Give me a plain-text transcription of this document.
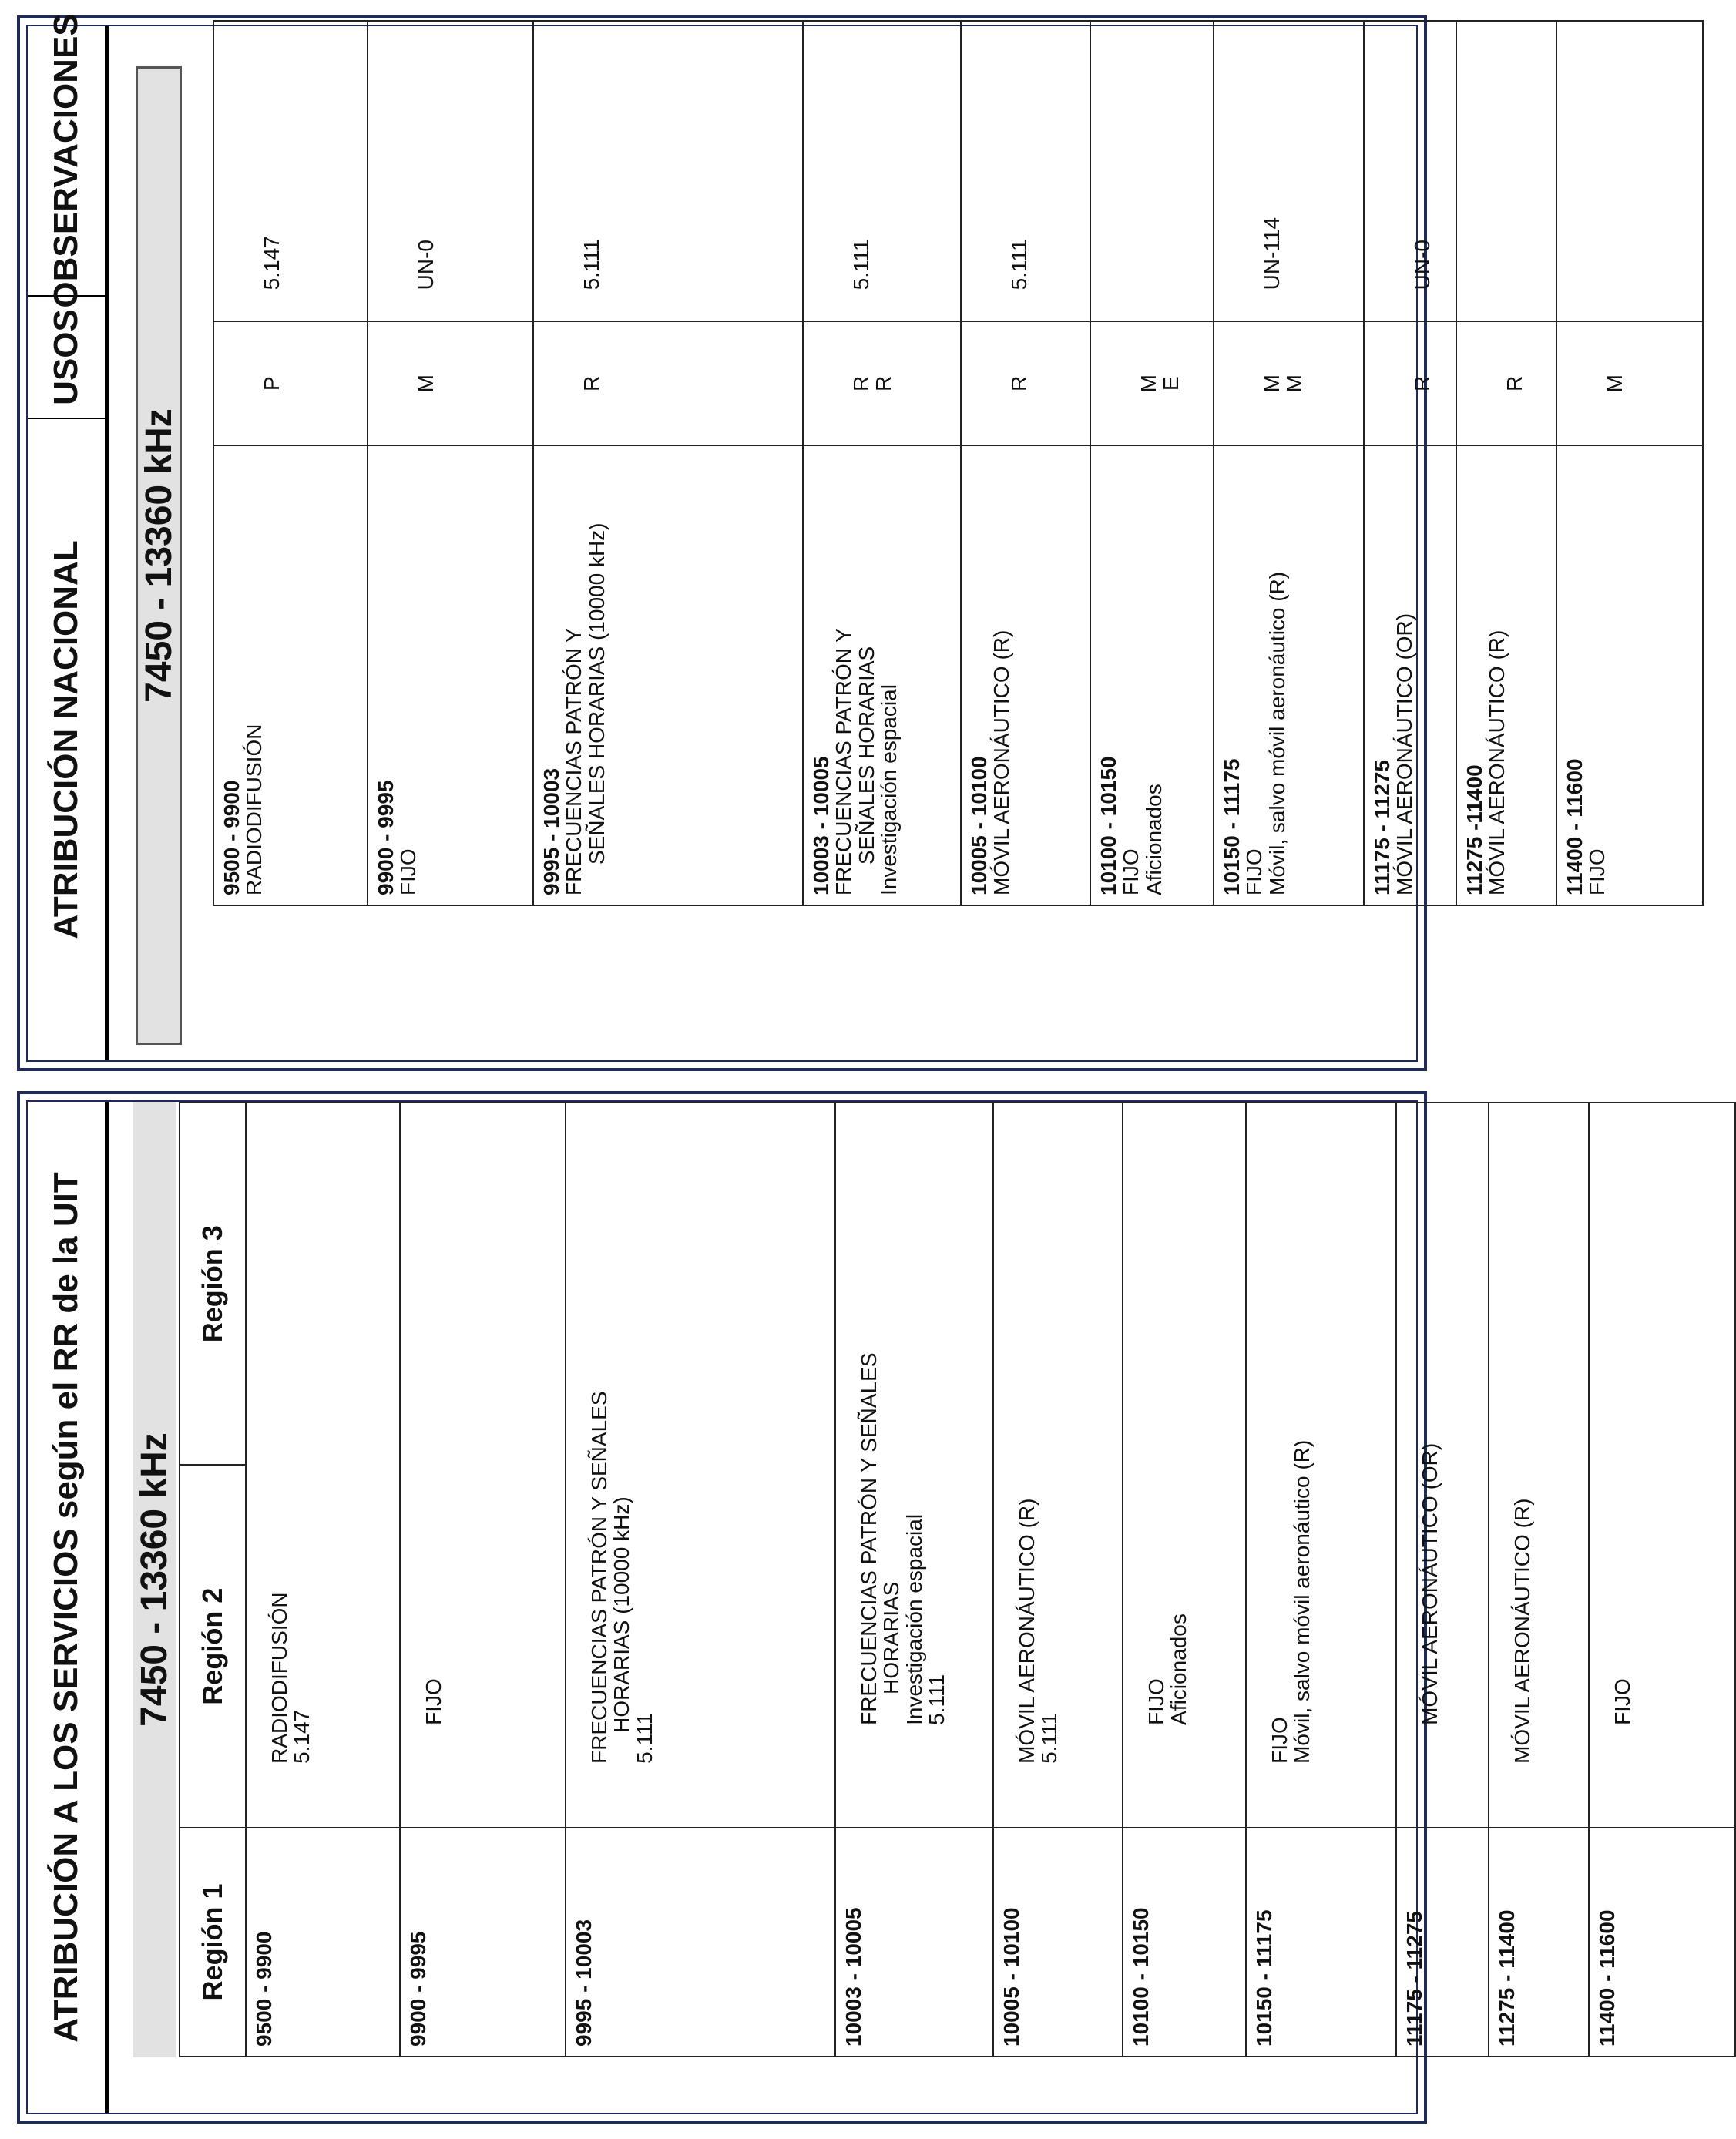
ATRIBUCIÓN A LOS SERVICIOS según el RR de la UIT	7450 - 13360 kHz
Región 1	Región 2	Región 3
9500 - 9900	RADIODIFUSIÓN
5.147	

9900 - 9995	FIJO	

9995 - 10003	FRECUENCIAS PATRÓN Y SEÑALES
HORARIAS (10000 kHz)
5.111	

10003 - 10005	FRECUENCIAS PATRÓN Y SEÑALES
HORARIAS
Investigación espacial
5.111	

10005 - 10100	MÓVIL AERONÁUTICO (R)
5.111	

10100 - 10150	FIJO
Aficionados	

10150 - 11175	FIJO
Móvil, salvo móvil aeronáutico (R)	

11175 - 11275	MÓVIL AERONÁUTICO (OR)	

11275 - 11400	MÓVIL AERONÁUTICO (R)	

11400 - 11600	FIJO	
ATRIBUCIÓN NACIONAL
USOS
OBSERVACIONES
7450 - 13360 kHz
9500 - 9900
RADIODIFUSIÓN	P	5.147

9900 - 9995
FIJO	M	UN-0

9995 - 10003
FRECUENCIAS PATRÓN Y
SEÑALES HORARIAS (10000 kHz)	R	5.111

10003 - 10005
FRECUENCIAS PATRÓN Y
SEÑALES HORARIAS
Investigación espacial	R
R	5.111

10005 - 10100
MÓVIL AERONÁUTICO (R)	R	5.111

10100 - 10150
FIJO
Aficionados	M
E	

10150 - 11175
FIJO
Móvil, salvo móvil aeronáutico (R)	M
M	UN-114

11175 - 11275
MÓVIL AERONÁUTICO (OR)	R	UN-0

11275 -11400
MÓVIL AERONÁUTICO (R)	R	

11400 - 11600
FIJO	M	
